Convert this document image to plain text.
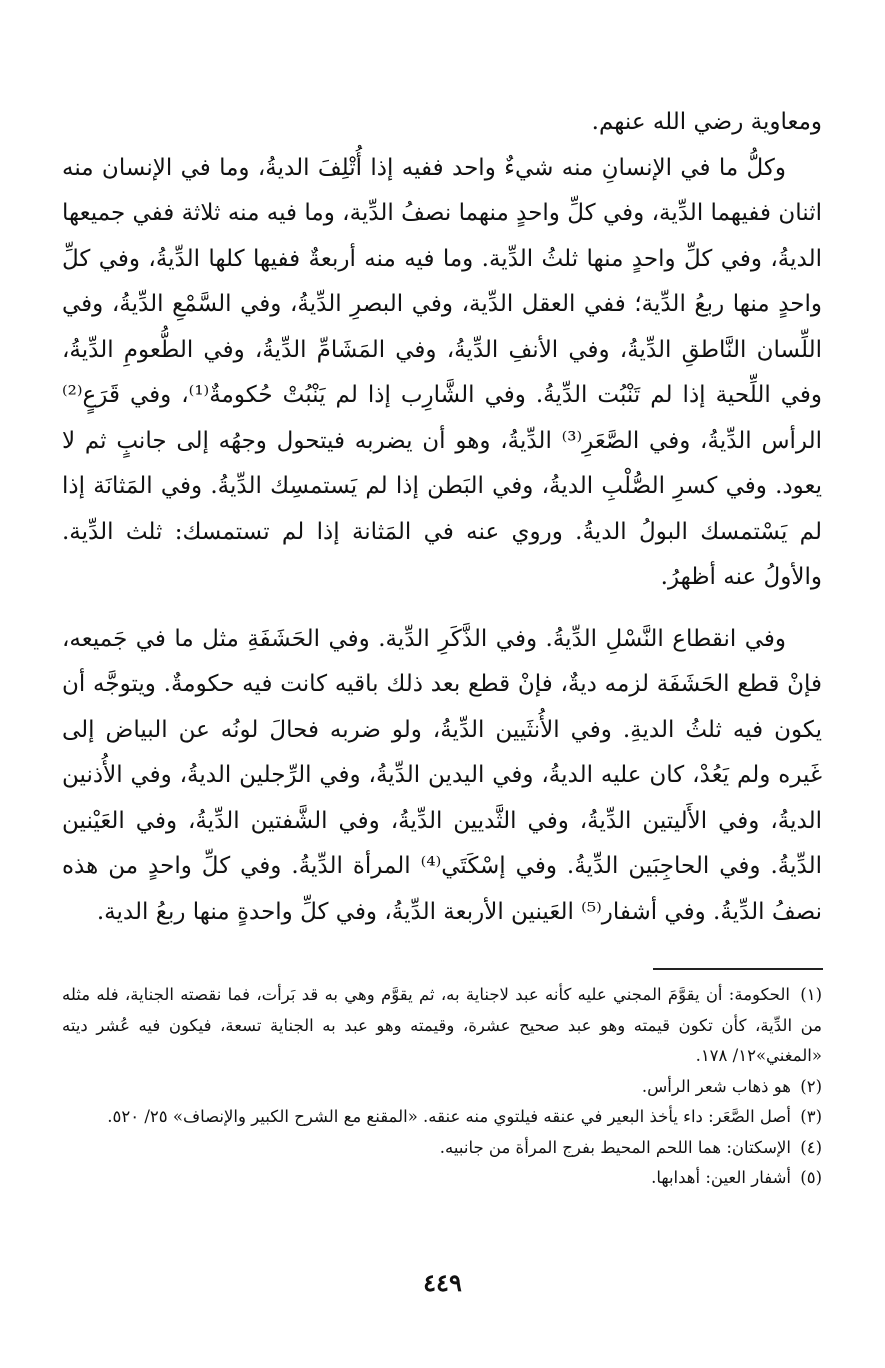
ومعاوية رضي الله عنهم.

وكلُّ ما في الإنسانِ منه شيءٌ واحد ففيه إذا أُتْلِفَ الديةُ، وما في الإنسان منه اثنان ففيهما الدِّية، وفي كلِّ واحدٍ منهما نصفُ الدِّية، وما فيه منه ثلاثة ففي جميعها الديةُ، وفي كلِّ واحدٍ منها ثلثُ الدِّية. وما فيه منه أربعةٌ ففيها كلها الدِّيةُ، وفي كلِّ واحدٍ منها ربعُ الدِّية؛ ففي العقل الدِّية، وفي البصرِ الدِّيةُ، وفي السَّمْعِ الدِّيةُ، وفي اللِّسان النَّاطقِ الدِّيةُ، وفي الأنفِ الدِّيةُ، وفي المَشَامِّ الدِّيةُ، وفي الطُّعومِ الدِّيةُ، وفي اللِّحية إذا لم تَنْبُت الدِّيةُ. وفي الشَّارِب إذا لم يَنْبُتْ حُكومةٌ⁽¹⁾، وفي قَرَعٍ⁽²⁾ الرأس الدِّيةُ، وفي الصَّعَرِ⁽³⁾ الدِّيةُ، وهو أن يضربه فيتحول وجهُه إلى جانبٍ ثم لا يعود. وفي كسرِ الصُّلْبِ الديةُ، وفي البَطن إذا لم يَستمسِك الدِّيةُ. وفي المَثانَة إذا لم يَسْتمسك البولُ الديةُ. وروي عنه في المَثانة إذا لم تستمسك: ثلث الدِّية. والأولُ عنه أظهرُ.

وفي انقطاع النَّسْلِ الدِّيةُ. وفي الذَّكَرِ الدِّية. وفي الحَشَفَةِ مثل ما في جَميعه، فإنْ قطع الحَشَفَة لزمه ديةٌ، فإنْ قطع بعد ذلك باقيه كانت فيه حكومةٌ. ويتوجَّه أن يكون فيه ثلثُ الديةِ. وفي الأُنثَيين الدِّيةُ، ولو ضربه فحالَ لونُه عن البياض إلى غَيره ولم يَعُدْ، كان عليه الديةُ، وفي اليدين الدِّيةُ، وفي الرِّجلين الديةُ، وفي الأُذنين الديةُ، وفي الأَليتين الدِّيةُ، وفي الثَّديين الدِّيةُ، وفي الشَّفتين الدِّيةُ، وفي العَيْنين الدِّيةُ. وفي الحاجِبَين الدِّيةُ. وفي إسْكَتَي⁽⁴⁾ المرأة الدِّيةُ. وفي كلِّ واحدٍ من هذه نصفُ الدِّيةُ. وفي أشفار⁽⁵⁾ العَينين الأربعة الدِّيةُ، وفي كلِّ واحدةٍ منها ربعُ الدية.

(١) الحكومة: أن يقوَّمَ المجني عليه كأنه عبد لاجناية به، ثم يقوَّم وهي به قد بَرأت، فما نقصته الجناية، فله مثله من الدِّية، كأن تكون قيمته وهو عبد صحيح عشرة، وقيمته وهو عبد به الجناية تسعة، فيكون فيه عُشر ديته «المغني»١٢/ ١٧٨.

(٢) هو ذهاب شعر الرأس.

(٣) أصل الصَّعَر: داء يأخذ البعير في عنقه فيلتوي منه عنقه. «المقنع مع الشرح الكبير والإنصاف» ٢٥/ ٥٢٠.

(٤) الإسكتان: هما اللحم المحيط بفرج المرأة من جانبيه.

(٥) أشفار العين: أهدابها.

٤٤٩
